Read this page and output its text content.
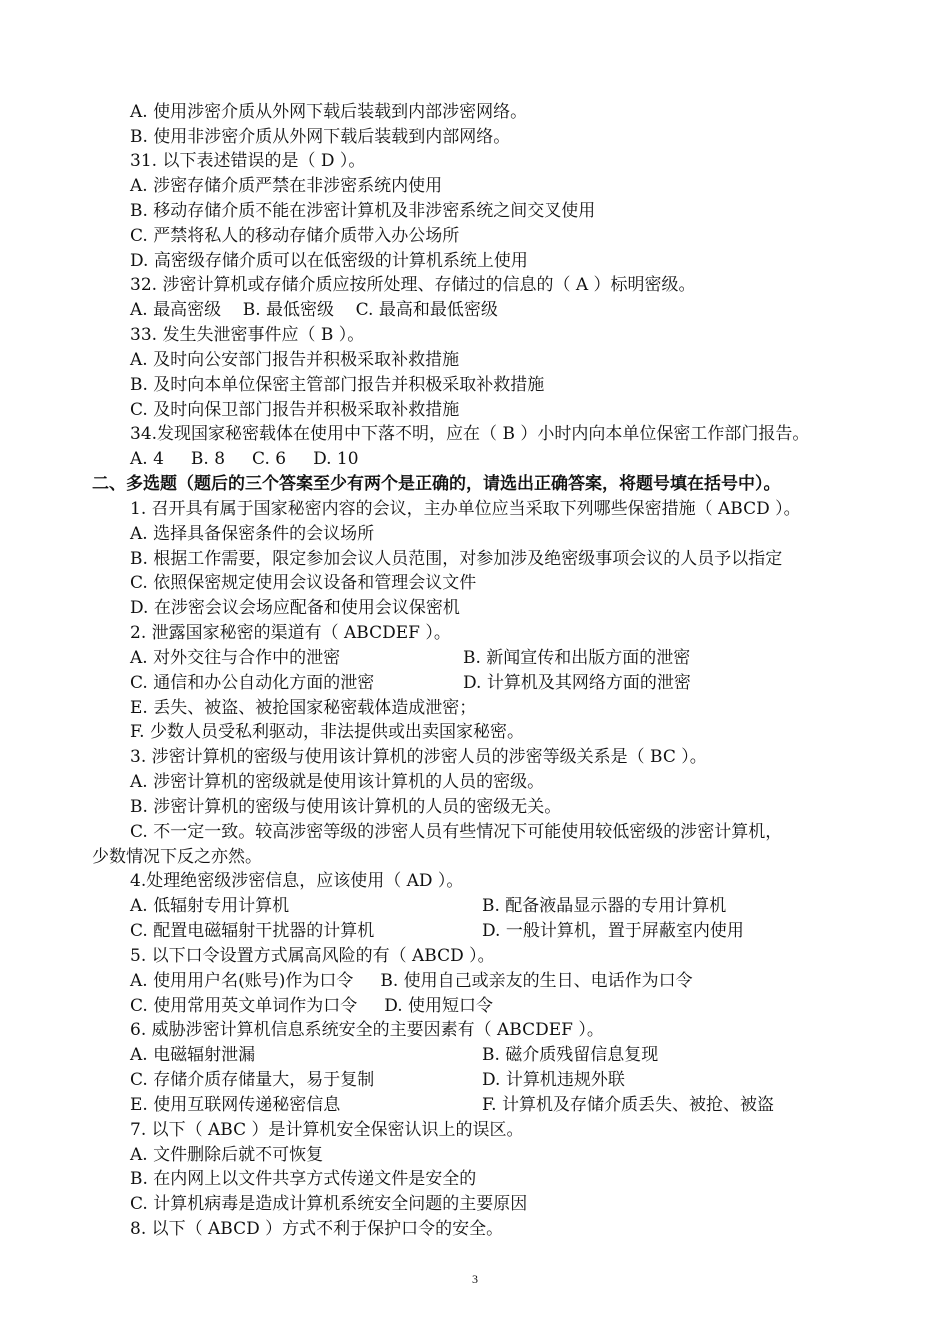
A. 使用涉密介质从外网下载后装载到内部涉密网络。
B. 使用非涉密介质从外网下载后装载到内部网络。
31. 以下表述错误的是（ D ）。
A. 涉密存储介质严禁在非涉密系统内使用
B. 移动存储介质不能在涉密计算机及非涉密系统之间交叉使用
C. 严禁将私人的移动存储介质带入办公场所
D. 高密级存储介质可以在低密级的计算机系统上使用
32. 涉密计算机或存储介质应按所处理、存储过的信息的（ A ）标明密级。
A. 最高密级    B. 最低密级    C. 最高和最低密级
33. 发生失泄密事件应（ B ）。
A. 及时向公安部门报告并积极采取补救措施
B. 及时向本单位保密主管部门报告并积极采取补救措施
C. 及时向保卫部门报告并积极采取补救措施
34.发现国家秘密载体在使用中下落不明，应在（ B ）小时内向本单位保密工作部门报告。
A. 4     B. 8     C. 6     D. 10
二、多选题（题后的三个答案至少有两个是正确的，请选出正确答案，将题号填在括号中）。
1. 召开具有属于国家秘密内容的会议，主办单位应当采取下列哪些保密措施（ ABCD ）。
A. 选择具备保密条件的会议场所
B. 根据工作需要，限定参加会议人员范围，对参加涉及绝密级事项会议的人员予以指定
C. 依照保密规定使用会议设备和管理会议文件
D. 在涉密会议会场应配备和使用会议保密机
2. 泄露国家秘密的渠道有（ ABCDEF ）。
A. 对外交往与合作中的泄密	B. 新闻宣传和出版方面的泄密
C. 通信和办公自动化方面的泄密	D. 计算机及其网络方面的泄密
E. 丢失、被盗、被抢国家秘密载体造成泄密；
F. 少数人员受私利驱动，非法提供或出卖国家秘密。
3. 涉密计算机的密级与使用该计算机的涉密人员的涉密等级关系是（ BC ）。
A. 涉密计算机的密级就是使用该计算机的人员的密级。
B. 涉密计算机的密级与使用该计算机的人员的密级无关。
C. 不一定一致。较高涉密等级的涉密人员有些情况下可能使用较低密级的涉密计算机，
少数情况下反之亦然。
4.处理绝密级涉密信息，应该使用（ AD ）。
A. 低辐射专用计算机	B. 配备液晶显示器的专用计算机
C. 配置电磁辐射干扰器的计算机	D. 一般计算机，置于屏蔽室内使用
5. 以下口令设置方式属高风险的有（ ABCD ）。
A. 使用用户名(账号)作为口令     B. 使用自己或亲友的生日、电话作为口令
C. 使用常用英文单词作为口令     D. 使用短口令
6. 威胁涉密计算机信息系统安全的主要因素有（ ABCDEF ）。
A. 电磁辐射泄漏	B. 磁介质残留信息复现
C. 存储介质存储量大，易于复制	D. 计算机违规外联
E. 使用互联网传递秘密信息	F. 计算机及存储介质丢失、被抢、被盗
7. 以下（ ABC ）是计算机安全保密认识上的误区。
A. 文件删除后就不可恢复
B. 在内网上以文件共享方式传递文件是安全的
C. 计算机病毒是造成计算机系统安全问题的主要原因
8. 以下（ ABCD ）方式不利于保护口令的安全。
3
